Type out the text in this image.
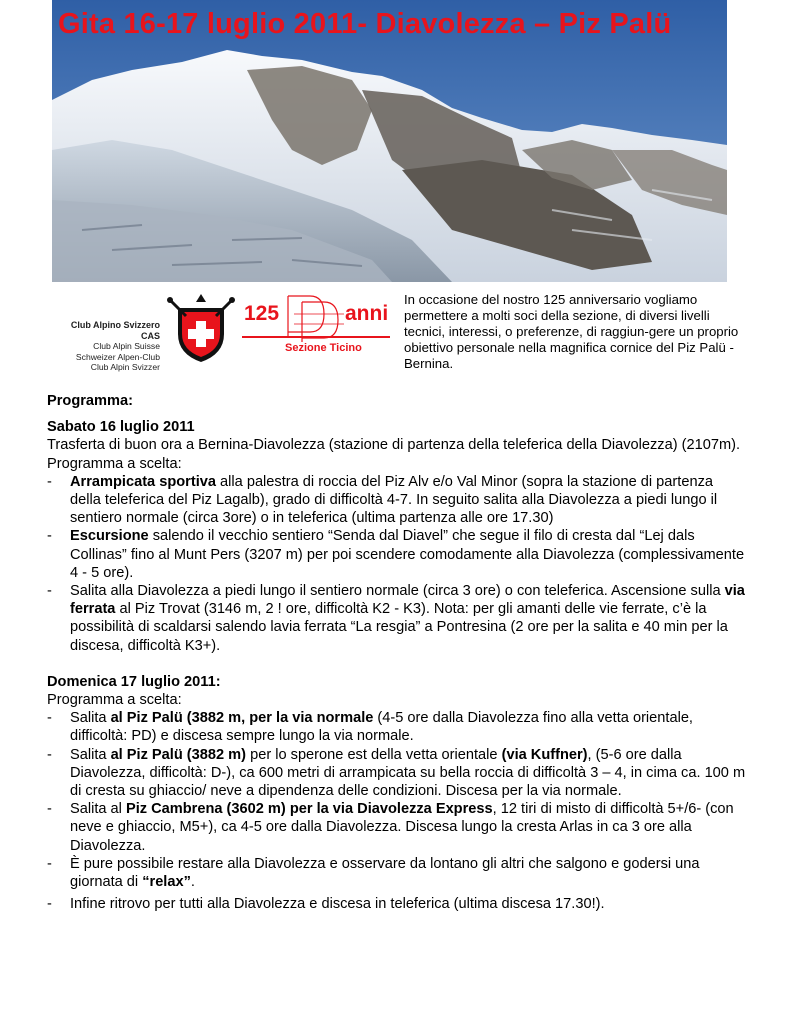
Gita 16-17 luglio 2011- Diavolezza – Piz Palü
Club Alpino Svizzero CAS
Club Alpin Suisse
Schweizer Alpen-Club
Club Alpin Svizzer
125	anni
Sezione Ticino
In occasione del nostro 125 anniversario vogliamo permettere a molti soci della sezione, di diversi livelli tecnici, interessi, o preferenze, di raggiun-gere un proprio obiettivo personale nella magnifica cornice del Piz Palü - Bernina.
Programma:
Sabato 16 luglio 2011
Trasferta di buon ora a Bernina-Diavolezza (stazione di partenza della teleferica della Diavolezza) (2107m).
Programma a scelta:
- Arrampicata sportiva alla palestra di roccia del Piz Alv e/o Val Minor (sopra la stazione di partenza della teleferica del Piz Lagalb), grado di difficoltà 4-7. In seguito salita alla Diavolezza a piedi lungo il sentiero normale (circa 3ore) o in teleferica (ultima partenza alle ore 17.30)
- Escursione salendo il vecchio sentiero “Senda dal Diavel” che segue il filo di cresta dal “Lej dals Collinas” fino al Munt Pers (3207 m) per poi scendere comodamente alla Diavolezza (complessivamente 4 - 5 ore).
- Salita alla Diavolezza a piedi lungo il sentiero normale (circa 3 ore) o con teleferica. Ascensione sulla via ferrata al Piz Trovat (3146 m, 2 ! ore, difficoltà K2 - K3). Nota: per gli amanti delle vie ferrate, c’è la possibilità di scaldarsi salendo lavia ferrata “La resgia” a Pontresina (2 ore per la salita e 40 min per la discesa, difficoltà K3+).
Domenica 17 luglio 2011:
Programma a scelta:
- Salita al Piz Palü (3882 m, per la via normale (4-5 ore dalla Diavolezza fino alla vetta orientale, difficoltà: PD) e discesa sempre lungo la via normale.
- Salita al Piz Palü (3882 m) per lo sperone est della vetta orientale (via Kuffner), (5-6 ore dalla Diavolezza, difficoltà: D-), ca 600 metri di arrampicata su bella roccia di difficoltà 3 – 4, in cima ca. 100 m di cresta su ghiaccio/ neve a dipendenza delle condizioni. Discesa per la via normale.
- Salita al Piz Cambrena (3602 m) per la via Diavolezza Express, 12 tiri di misto di difficoltà 5+/6- (con neve e ghiaccio, M5+), ca 4-5 ore dalla Diavolezza. Discesa lungo la cresta Arlas in ca 3 ore alla Diavolezza.
- È pure possibile restare alla Diavolezza e osservare da lontano gli altri che salgono e godersi una giornata di “relax”.
- Infine ritrovo per tutti alla Diavolezza e discesa in teleferica (ultima discesa 17.30!).
